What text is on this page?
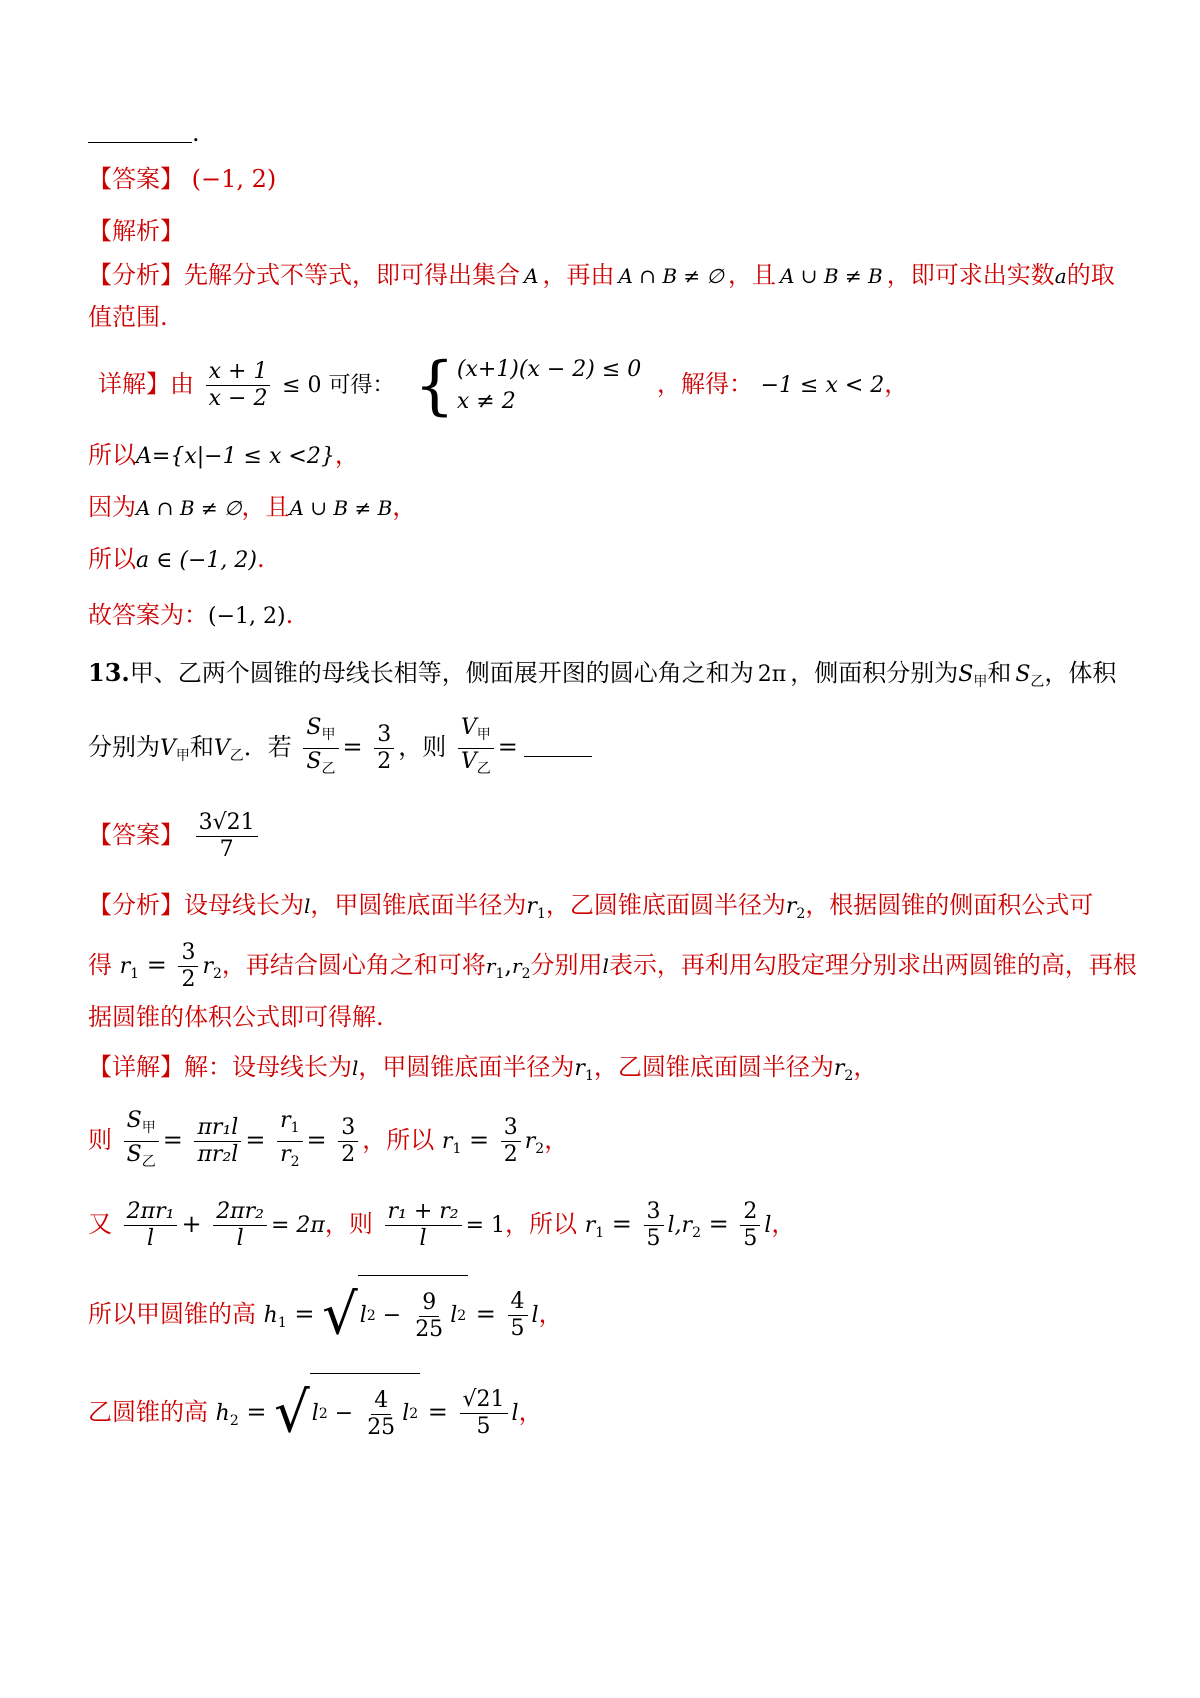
.
【答案】 (−1, 2)
【解析】
【分析】先解分式不等式，即可得出集合 A ，再由 A ∩ B ≠ ∅ ，且 A ∪ B ≠ B ，即可求出实数a的取
值范围.
详解】由 $\frac{x + 1}{x - 2} \le 0$ 可得： { (x+1)(x − 2) ≤ 0
x ≠ 2
，解得： −1 ≤ x < 2，
所以A={x|−1 ≤ x <2}，
因为A ∩ B ≠ ∅，且A ∪ B ≠ B，
所以a ∈ (−1, 2).
故答案为：(−1, 2).
13.甲、乙两个圆锥的母线长相等，侧面展开图的圆心角之和为 2π ，侧面积分别为$S_甲$和 $S_乙$，体积
分别为$V_甲$和$V_乙$．若 $\frac{S_甲}{S_乙} = \frac{3}{2}$ ，则 $\frac{V_甲}{V_乙}$ =
【答案】 $\frac{3√21}{7}$
【分析】设母线长为l，甲圆锥底面半径为$r_1$，乙圆锥底面圆半径为$r_2$，根据圆锥的侧面积公式可
得 $r_1 = \frac{3}{2} r_2$，再结合圆心角之和可将$r_1,r_2$分别用l表示，再利用勾股定理分别求出两圆锥的高，再根
据圆锥的体积公式即可得解.
【详解】解：设母线长为l，甲圆锥底面半径为$r_1$，乙圆锥底面圆半径为$r_2$，
则 $\frac{S_甲}{S_乙} = \frac{\text{πr₁l}}{\text{πr₂l}} = \frac{r_1}{r_2} = \frac{3}{2}$ ，所以 $r_1 = \frac{3}{2} r_2$，
又 $\frac{\text{2πr₁}}{l} + \frac{\text{2πr₂}}{l} = 2\pi$，则 $\frac{\text{r₁ + r₂}}{l} = 1$，所以 $r_1 = \frac{3}{5} l,r_2 = \frac{2}{5}$ l，
所以甲圆锥的高 $h_1 = √l$ $2 - \frac{9}{25}$ l $2 = \frac{4}{5}$ l，
乙圆锥的高 $h_2 = √l$ $2 - \frac{4}{25}$ l $2 = \frac{√21}{5}$ l，
